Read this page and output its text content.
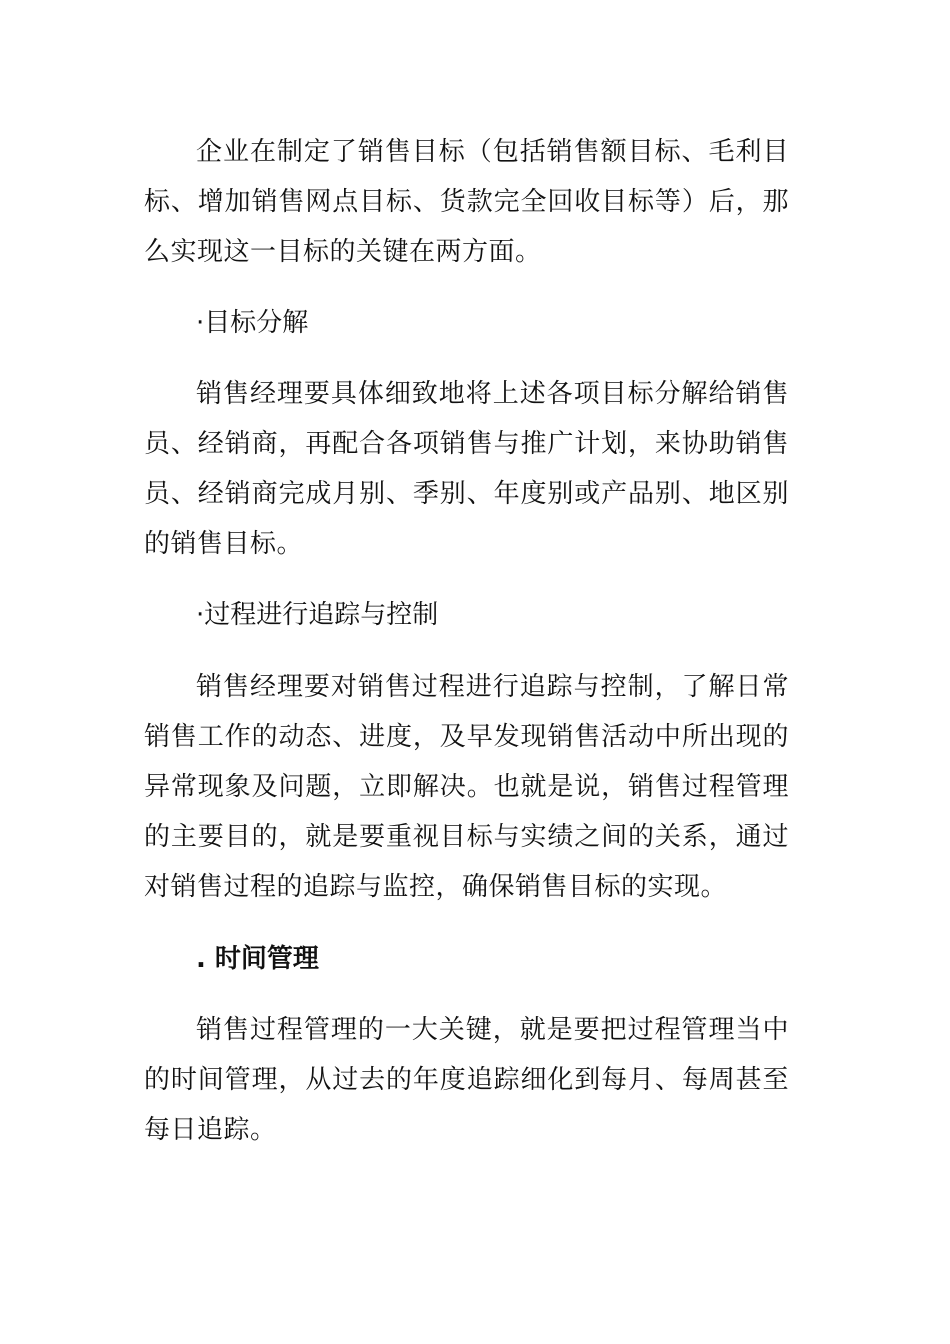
企业在制定了销售目标（包括销售额目标、毛利目标、增加销售网点目标、货款完全回收目标等）后，那么实现这一目标的关键在两方面。

·目标分解

销售经理要具体细致地将上述各项目标分解给销售员、经销商，再配合各项销售与推广计划，来协助销售员、经销商完成月别、季别、年度别或产品别、地区别的销售目标。

·过程进行追踪与控制

销售经理要对销售过程进行追踪与控制，了解日常销售工作的动态、进度，及早发现销售活动中所出现的异常现象及问题，立即解决。也就是说，销售过程管理的主要目的，就是要重视目标与实绩之间的关系，通过对销售过程的追踪与监控，确保销售目标的实现。

. 时间管理

销售过程管理的一大关键，就是要把过程管理当中的时间管理，从过去的年度追踪细化到每月、每周甚至每日追踪。
